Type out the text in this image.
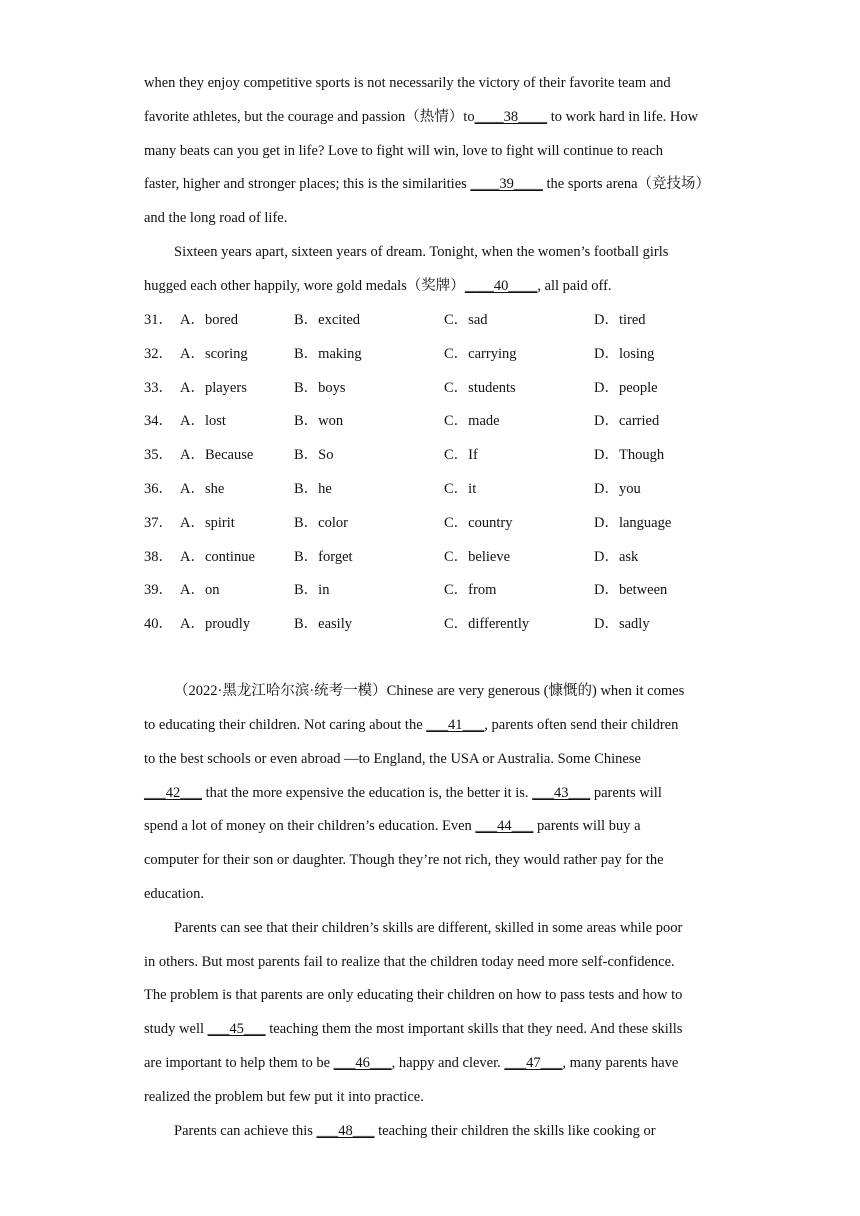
when they enjoy competitive sports is not necessarily the victory of their favorite team and
favorite athletes, but the courage and passion（热情）to____38____ to work hard in life. How
many beats can you get in life? Love to fight will win, love to fight will continue to reach
faster, higher and stronger places; this is the similarities ____39____ the sports arena（竞技场）
and the long road of life.
Sixteen years apart, sixteen years of dream. Tonight, when the women’s football girls
hugged each other happily, wore gold medals（奖牌）____40____, all paid off.
31． A．bored	B．excited	C．sad	D．tired
32． A．scoring	B．making	C．carrying	D．losing
33． A．players	B．boys	C．students	D．people
34． A．lost	B．won	C．made	D．carried
35． A．Because	B．So	C．If	D．Though
36． A．she	B．he	C．it	D．you
37． A．spirit	B．color	C．country	D．language
38． A．continue	B．forget	C．believe	D．ask
39． A．on	B．in	C．from	D．between
40． A．proudly	B．easily	C．differently	D．sadly
（2022·黑龙江哈尔滨·统考一模）Chinese are very generous (慷慨的) when it comes
to educating their children. Not caring about the ___41___, parents often send their children
to the best schools or even abroad —to England, the USA or Australia. Some Chinese
___42___ that the more expensive the education is, the better it is. ___43___ parents will
spend a lot of money on their children’s education. Even ___44___ parents will buy a
computer for their son or daughter. Though they’re not rich, they would rather pay for the
education.
Parents can see that their children’s skills are different, skilled in some areas while poor
in others. But most parents fail to realize that the children today need more self-confidence.
The problem is that parents are only educating their children on how to pass tests and how to
study well ___45___ teaching them the most important skills that they need. And these skills
are important to help them to be ___46___, happy and clever. ___47___, many parents have
realized the problem but few put it into practice.
Parents can achieve this ___48___ teaching their children the skills like cooking or
